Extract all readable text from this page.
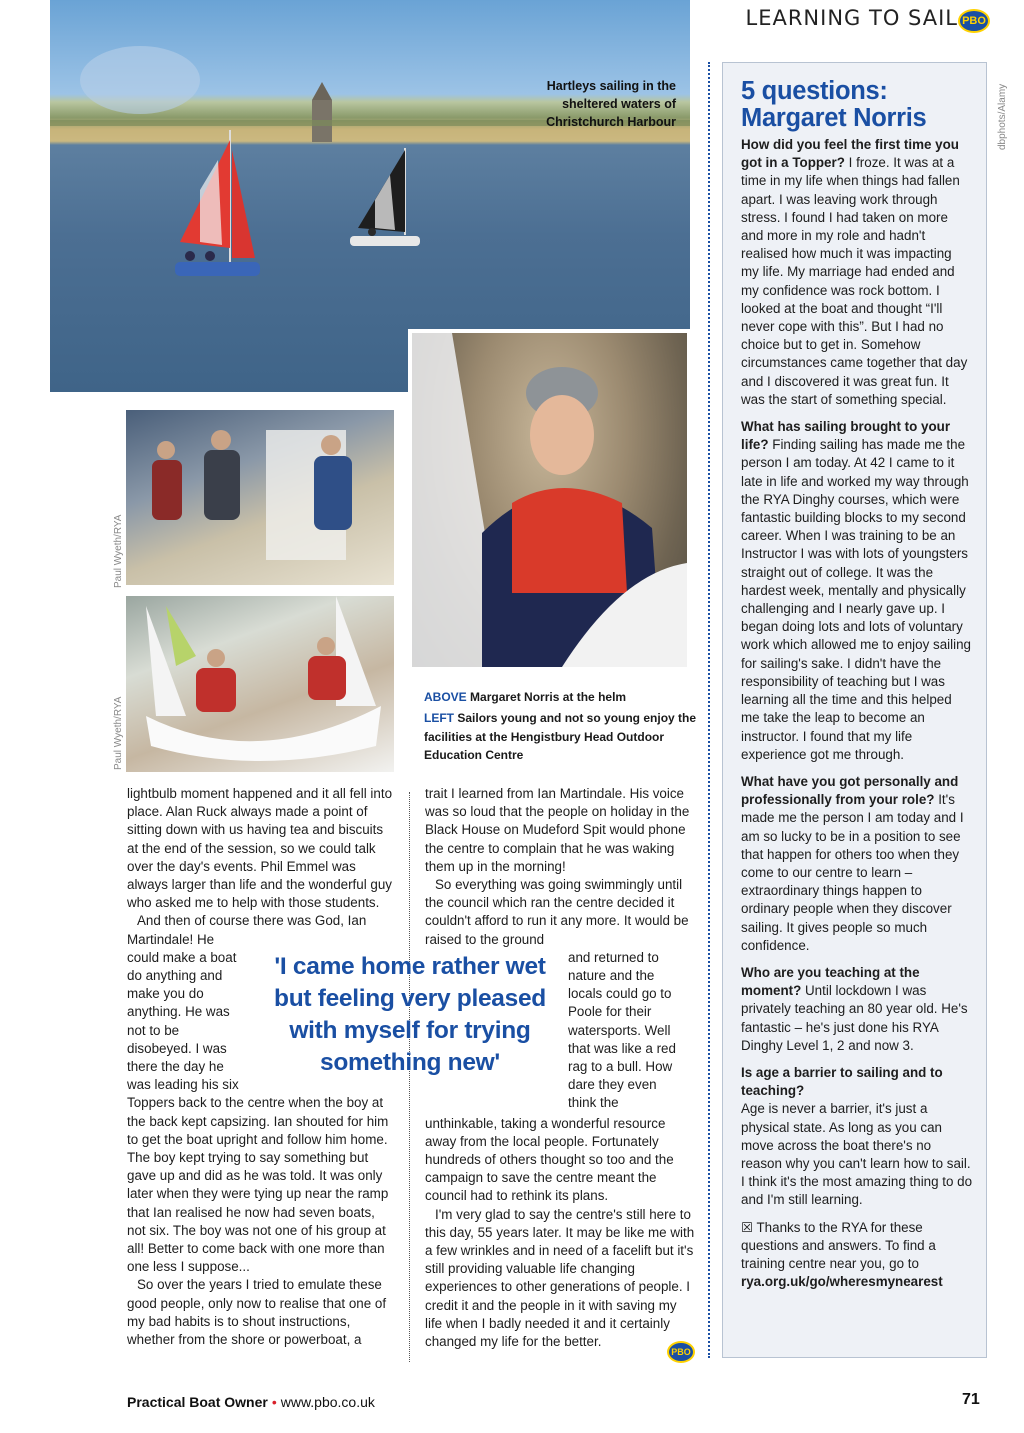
LEARNING TO SAIL PBO
Hartleys sailing in the sheltered waters of Christchurch Harbour
Paul Wyeth/RYA
Paul Wyeth/RYA	ABOVE Margaret Norris at the helm
LEFT Sailors young and not so young enjoy the facilities at the Hengistbury Head Outdoor Education Centre

lightbulb moment happened and it all fell into place. Alan Ruck always made a point of sitting down with us having tea and biscuits at the end of the session, so we could talk over the day's events. Phil Emmel was always larger than life and the wonderful guy who asked me to help with those students.

And then of course there was God, Ian

Martindale! He

could make a boat

do anything and

make you do

anything. He was

not to be

disobeyed. I was

there the day he

was leading his six

Toppers back to the centre when the boy at the back kept capsizing. Ian shouted for him to get the boat upright and follow him home. The boy kept trying to say something but gave up and did as he was told. It was only later when they were tying up near the ramp that Ian realised he now had seven boats, not six. The boy was not one of his group at all! Better to come back with one more than one less I suppose...

So over the years I tried to emulate these good people, only now to realise that one of my bad habits is to shout instructions, whether from the shore or powerboat, a

trait I learned from Ian Martindale. His voice was so loud that the people on holiday in the Black House on Mudeford Spit would phone the centre to complain that he was waking them up in the morning!

So everything was going swimmingly until the council which ran the centre decided it couldn't afford to run it any more. It would be raised to the ground

and returned to

nature and the

locals could go to

Poole for their

watersports. Well

that was like a red

rag to a bull. How

dare they even

think the

unthinkable, taking a wonderful resource away from the local people. Fortunately hundreds of others thought so too and the campaign to save the centre meant the council had to rethink its plans.

I'm very glad to say the centre's still here to this day, 55 years later. It may be like me with a few wrinkles and in need of a facelift but it's still providing valuable life changing experiences to other generations of people. I credit it and the people in it with saving my life when I badly needed it and it certainly changed my life for the better.

PBO
'I came home rather wet but feeling very pleased with myself for trying something new'
dbphots/Alamy
5 questions: Margaret Norris

How did you feel the first time you got in a Topper? I froze. It was at a time in my life when things had fallen apart. I was leaving work through stress. I found I had taken on more and more in my role and hadn't realised how much it was impacting my life. My marriage had ended and my confidence was rock bottom. I looked at the boat and thought “I'll never cope with this”. But I had no choice but to get in. Somehow circumstances came together that day and I discovered it was great fun. It was the start of something special.

What has sailing brought to your life? Finding sailing has made me the person I am today. At 42 I came to it late in life and worked my way through the RYA Dinghy courses, which were fantastic building blocks to my second career. When I was training to be an Instructor I was with lots of youngsters straight out of college. It was the hardest week, mentally and physically challenging and I nearly gave up. I began doing lots and lots of voluntary work which allowed me to enjoy sailing for sailing's sake. I didn't have the responsibility of teaching but I was learning all the time and this helped me take the leap to become an instructor. I found that my life experience got me through.

What have you got personally and professionally from your role? It's made me the person I am today and I am so lucky to be in a position to see that happen for others too when they come to our centre to learn – extraordinary things happen to ordinary people when they discover sailing. It gives people so much confidence.

Who are you teaching at the moment? Until lockdown I was privately teaching an 80 year old. He's fantastic – he's just done his RYA Dinghy Level 1, 2 and now 3.

Is age a barrier to sailing and to teaching?
Age is never a barrier, it's just a physical state. As long as you can move across the boat there's no reason why you can't learn how to sail. I think it's the most amazing thing to do and I'm still learning.

☒ Thanks to the RYA for these questions and answers. To find a training centre near you, go to rya.org.uk/go/wheresmynearest

Practical Boat Owner • www.pbo.co.uk	71
